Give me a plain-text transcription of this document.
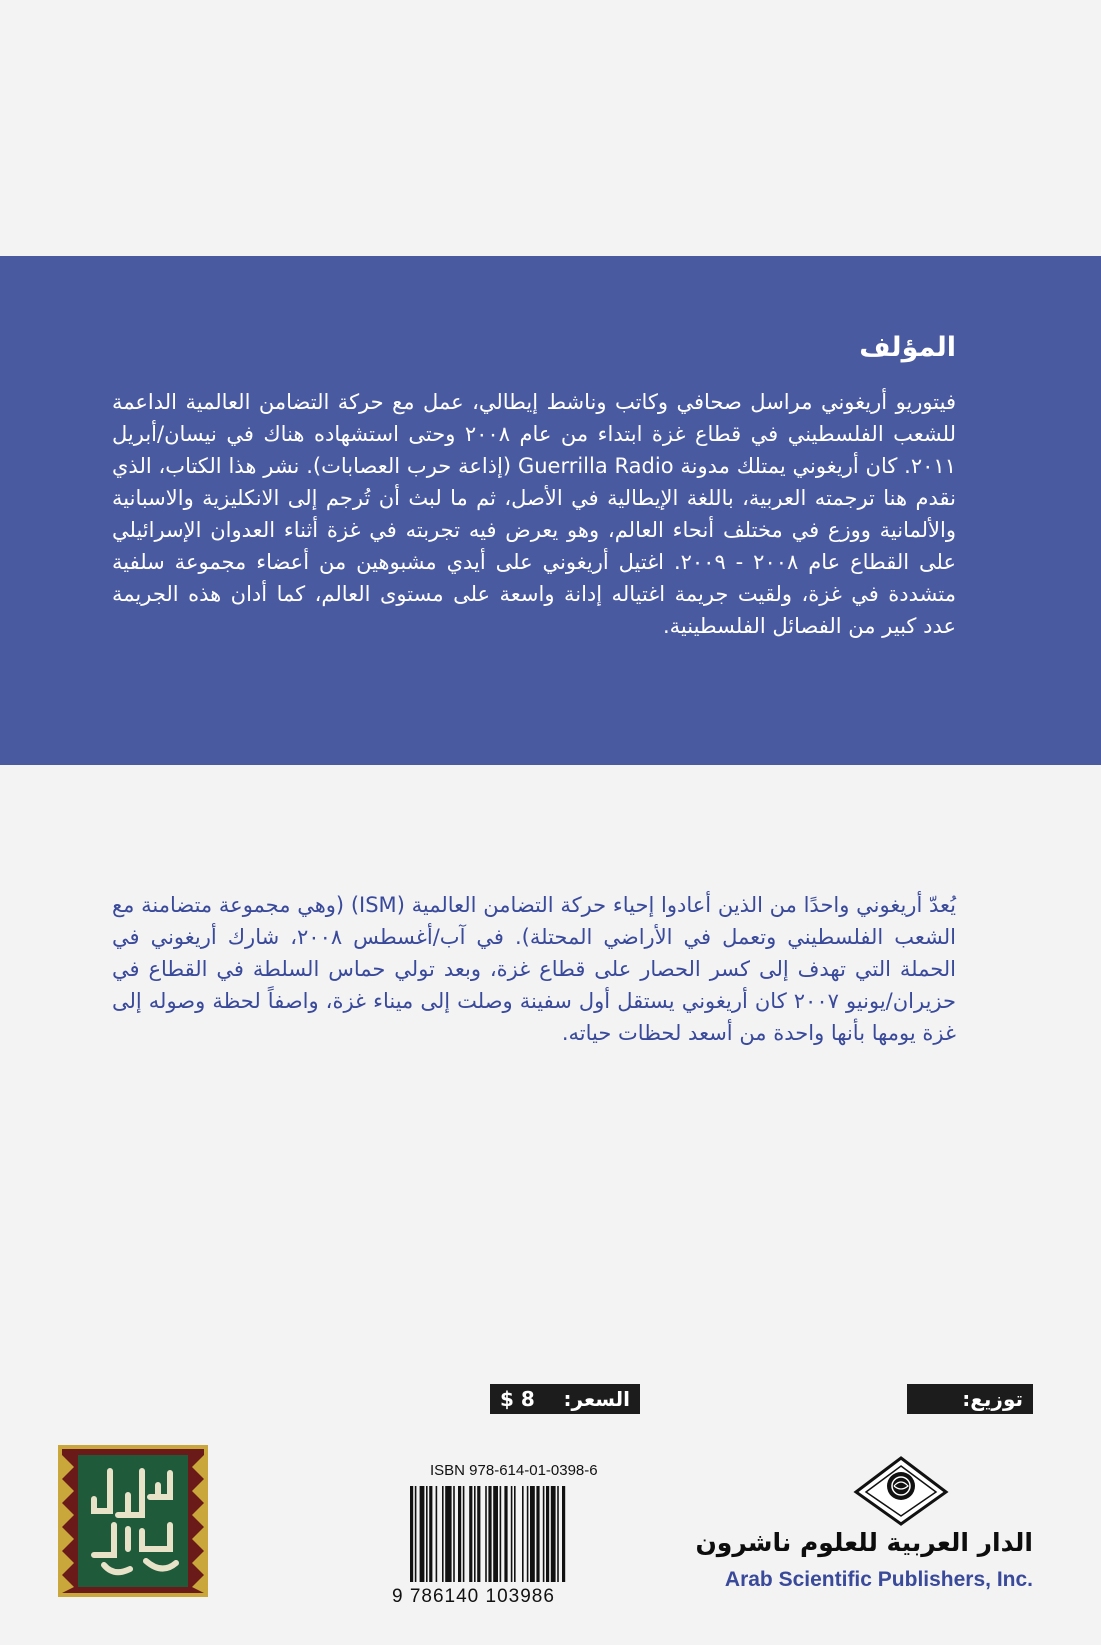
المؤلف

فيتوريو أريغوني مراسل صحافي وكاتب وناشط إيطالي، عمل مع حركة التضامن العالمية الداعمة للشعب الفلسطيني في قطاع غزة ابتداء من عام ٢٠٠٨ وحتى استشهاده هناك في نيسان/أبريل ٢٠١١. كان أريغوني يمتلك مدونة Guerrilla Radio (إذاعة حرب العصابات). نشر هذا الكتاب، الذي نقدم هنا ترجمته العربية، باللغة الإيطالية في الأصل، ثم ما لبث أن تُرجم إلى الانكليزية والاسبانية والألمانية ووزع في مختلف أنحاء العالم، وهو يعرض فيه تجربته في غزة أثناء العدوان الإسرائيلي على القطاع عام ٢٠٠٨ - ٢٠٠٩. اغتيل أريغوني على أيدي مشبوهين من أعضاء مجموعة سلفية متشددة في غزة، ولقيت جريمة اغتياله إدانة واسعة على مستوى العالم، كما أدان هذه الجريمة عدد كبير من الفصائل الفلسطينية.

يُعدّ أريغوني واحدًا من الذين أعادوا إحياء حركة التضامن العالمية (ISM) (وهي مجموعة متضامنة مع الشعب الفلسطيني وتعمل في الأراضي المحتلة). في آب/أغسطس ٢٠٠٨، شارك أريغوني في الحملة التي تهدف إلى كسر الحصار على قطاع غزة، وبعد تولي حماس السلطة في القطاع في حزيران/يونيو ٢٠٠٧ كان أريغوني يستقل أول سفينة وصلت إلى ميناء غزة، واصفاً لحظة وصوله إلى غزة يومها بأنها واحدة من أسعد لحظات حياته.

السعر:
$ 8	توزيع:
ISBN 978-614-01-0398-6
9 786140 103986
الدار العربية للعلوم ناشرون
Arab Scientific Publishers, Inc.
